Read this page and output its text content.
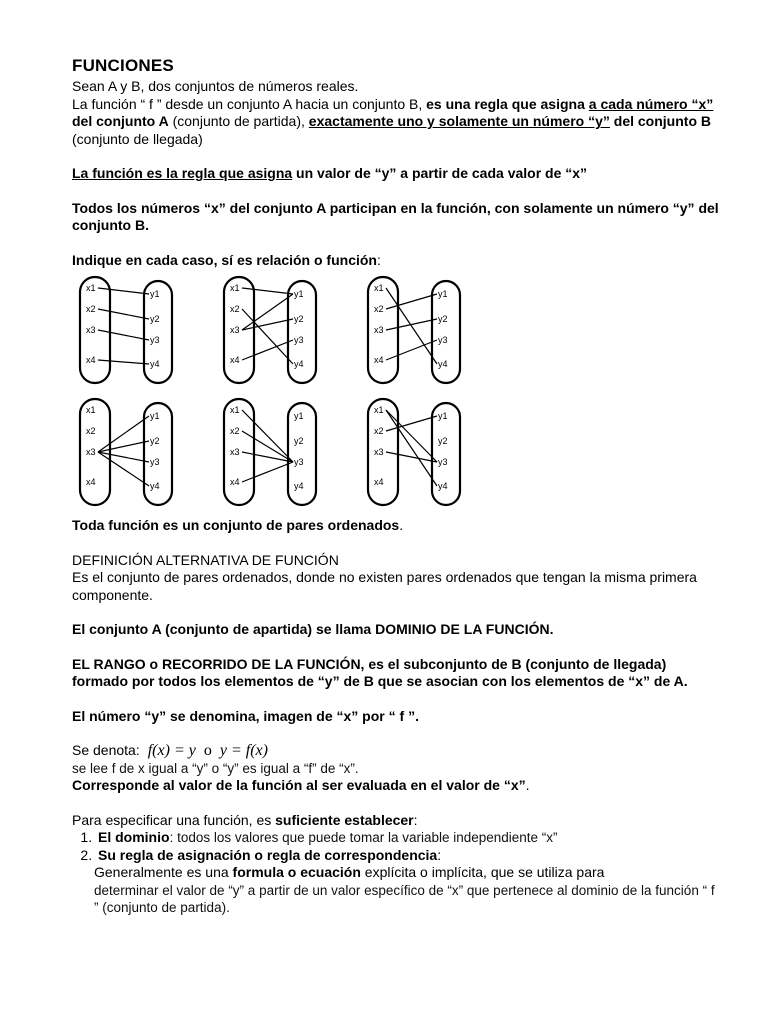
FUNCIONES

Sean A y B, dos conjuntos de números reales.

La función “ f ” desde un conjunto A hacia un conjunto B, es una regla que asigna a cada número “x” del conjunto A (conjunto de partida), exactamente uno y solamente un número “y” del conjunto B (conjunto de llegada)

La función es la regla que asigna un valor de “y” a partir de cada valor de “x”

Todos los números “x” del conjunto A participan en la función, con solamente un número “y” del conjunto B.

Indique en cada caso, sí es relación o función:

x1
x2
x3
x4
y1
y2
y3
y4
x1
x2
x3
x4
y1
y2
y3
y4
x1
x2
x3
x4
y1
y2
y3
y4
x1
x2
x3
x4
y1
y2
y3
y4
x1
x2
x3
x4
y1
y2
y3
y4
x1
x2
x3
x4
y1
y2
y3
y4

Toda función es un conjunto de pares ordenados.

DEFINICIÓN ALTERNATIVA DE FUNCIÓN

Es el conjunto de pares ordenados, donde no existen pares ordenados que tengan la misma primera componente.

El conjunto A (conjunto de apartida) se llama DOMINIO DE LA FUNCIÓN.

EL RANGO o RECORRIDO DE LA FUNCIÓN, es el subconjunto de B (conjunto de llegada) formado por todos los elementos de “y” de B que se asocian con los elementos de “x” de A.

El número “y” se denomina, imagen de “x” por “ f ”.

Se denota: f(x) = y o y = f(x)

se lee f de x igual a “y” o “y” es igual a “f” de “x”.

Corresponde al valor de la función al ser evaluada en el valor de “x”.

Para especificar una función, es suficiente establecer:

1. El dominio: todos los valores que puede tomar la variable independiente “x”
2. Su regla de asignación o regla de correspondencia:

Generalmente es una formula o ecuación explícita o implícita, que se utiliza para

determinar el valor de “y” a partir de un valor específico de “x” que pertenece al dominio de la función “ f ” (conjunto de partida).
